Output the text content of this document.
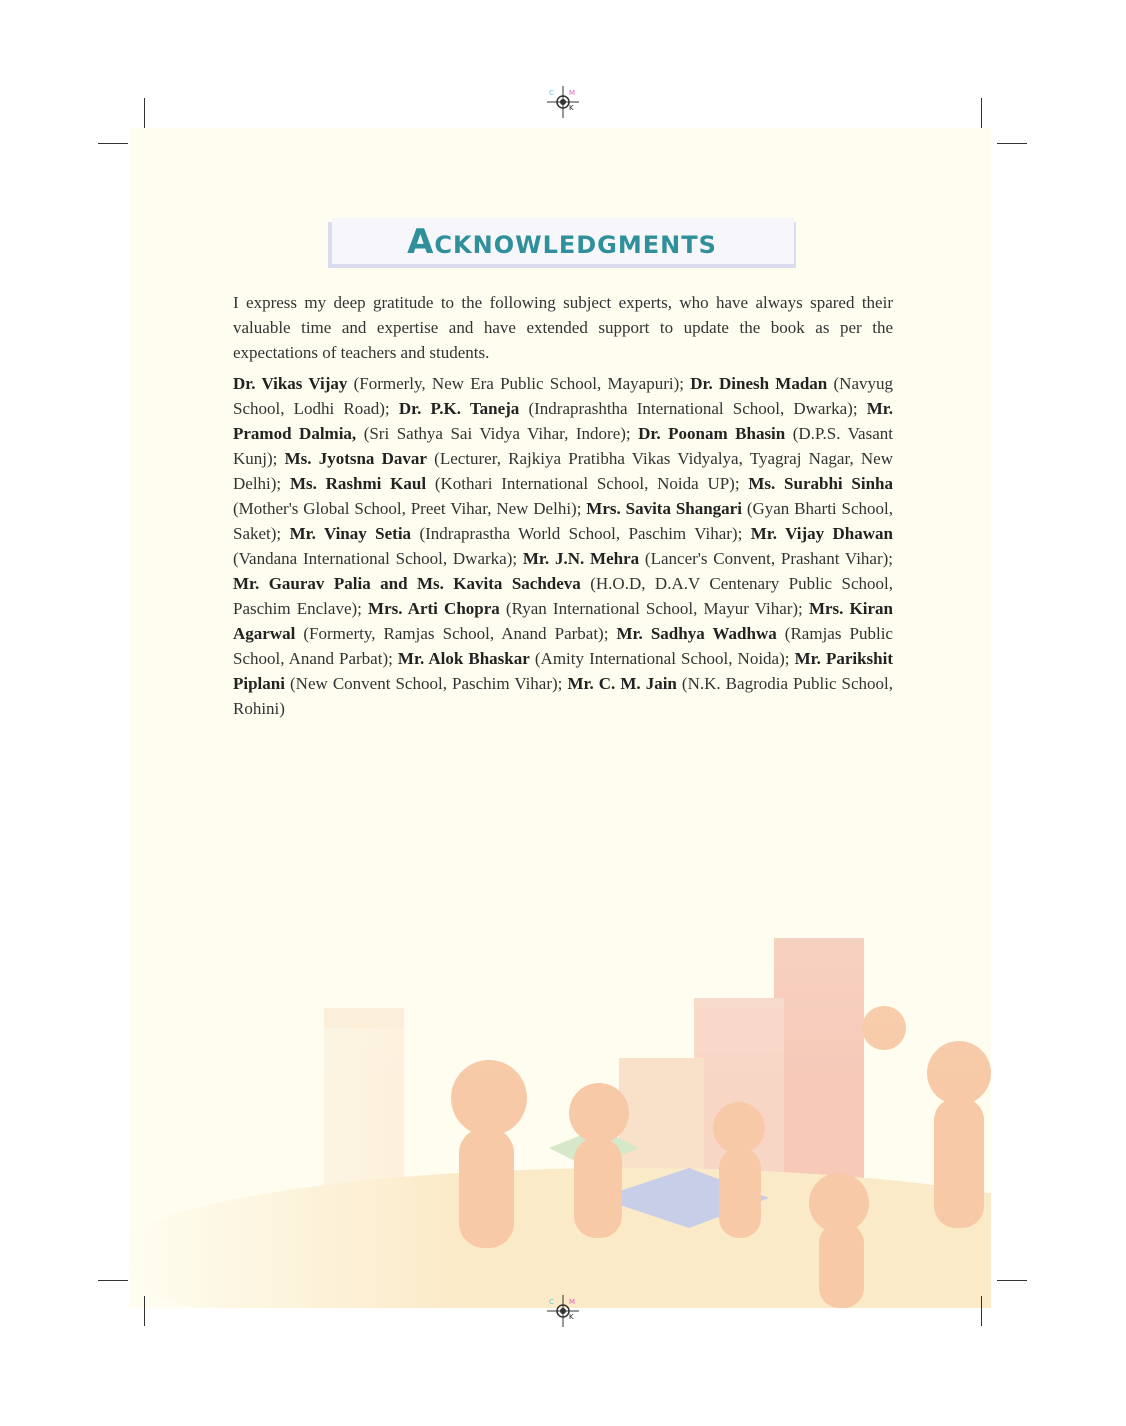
C M
K
C M
K
Acknowledgments

I express my deep gratitude to the following subject experts, who have always spared their valuable time and expertise and have extended support to update the book as per the expectations of teachers and students.

Dr. Vikas Vijay (Formerly, New Era Public School, Mayapuri); Dr. Dinesh Madan (Navyug School, Lodhi Road); Dr. P.K. Taneja (Indraprashtha International School, Dwarka); Mr. Pramod Dalmia, (Sri Sathya Sai Vidya Vihar, Indore); Dr. Poonam Bhasin (D.P.S. Vasant Kunj); Ms. Jyotsna Davar (Lecturer, Rajkiya Pratibha Vikas Vidyalya, Tyagraj Nagar, New Delhi); Ms. Rashmi Kaul (Kothari International School, Noida UP); Ms. Surabhi Sinha (Mother's Global School, Preet Vihar, New Delhi); Mrs. Savita Shangari (Gyan Bharti School, Saket); Mr. Vinay Setia (Indraprastha World School, Paschim Vihar); Mr. Vijay Dhawan (Vandana International School, Dwarka); Mr. J.N. Mehra (Lancer's Convent, Prashant Vihar); Mr. Gaurav Palia and Ms. Kavita Sachdeva (H.O.D, D.A.V Centenary Public School, Paschim Enclave); Mrs. Arti Chopra (Ryan International School, Mayur Vihar); Mrs. Kiran Agarwal (Formerty, Ramjas School, Anand Parbat); Mr. Sadhya Wadhwa (Ramjas Public School, Anand Parbat); Mr. Alok Bhaskar (Amity International School, Noida); Mr. Parikshit Piplani (New Convent School, Paschim Vihar); Mr. C. M. Jain (N.K. Bagrodia Public School, Rohini)
